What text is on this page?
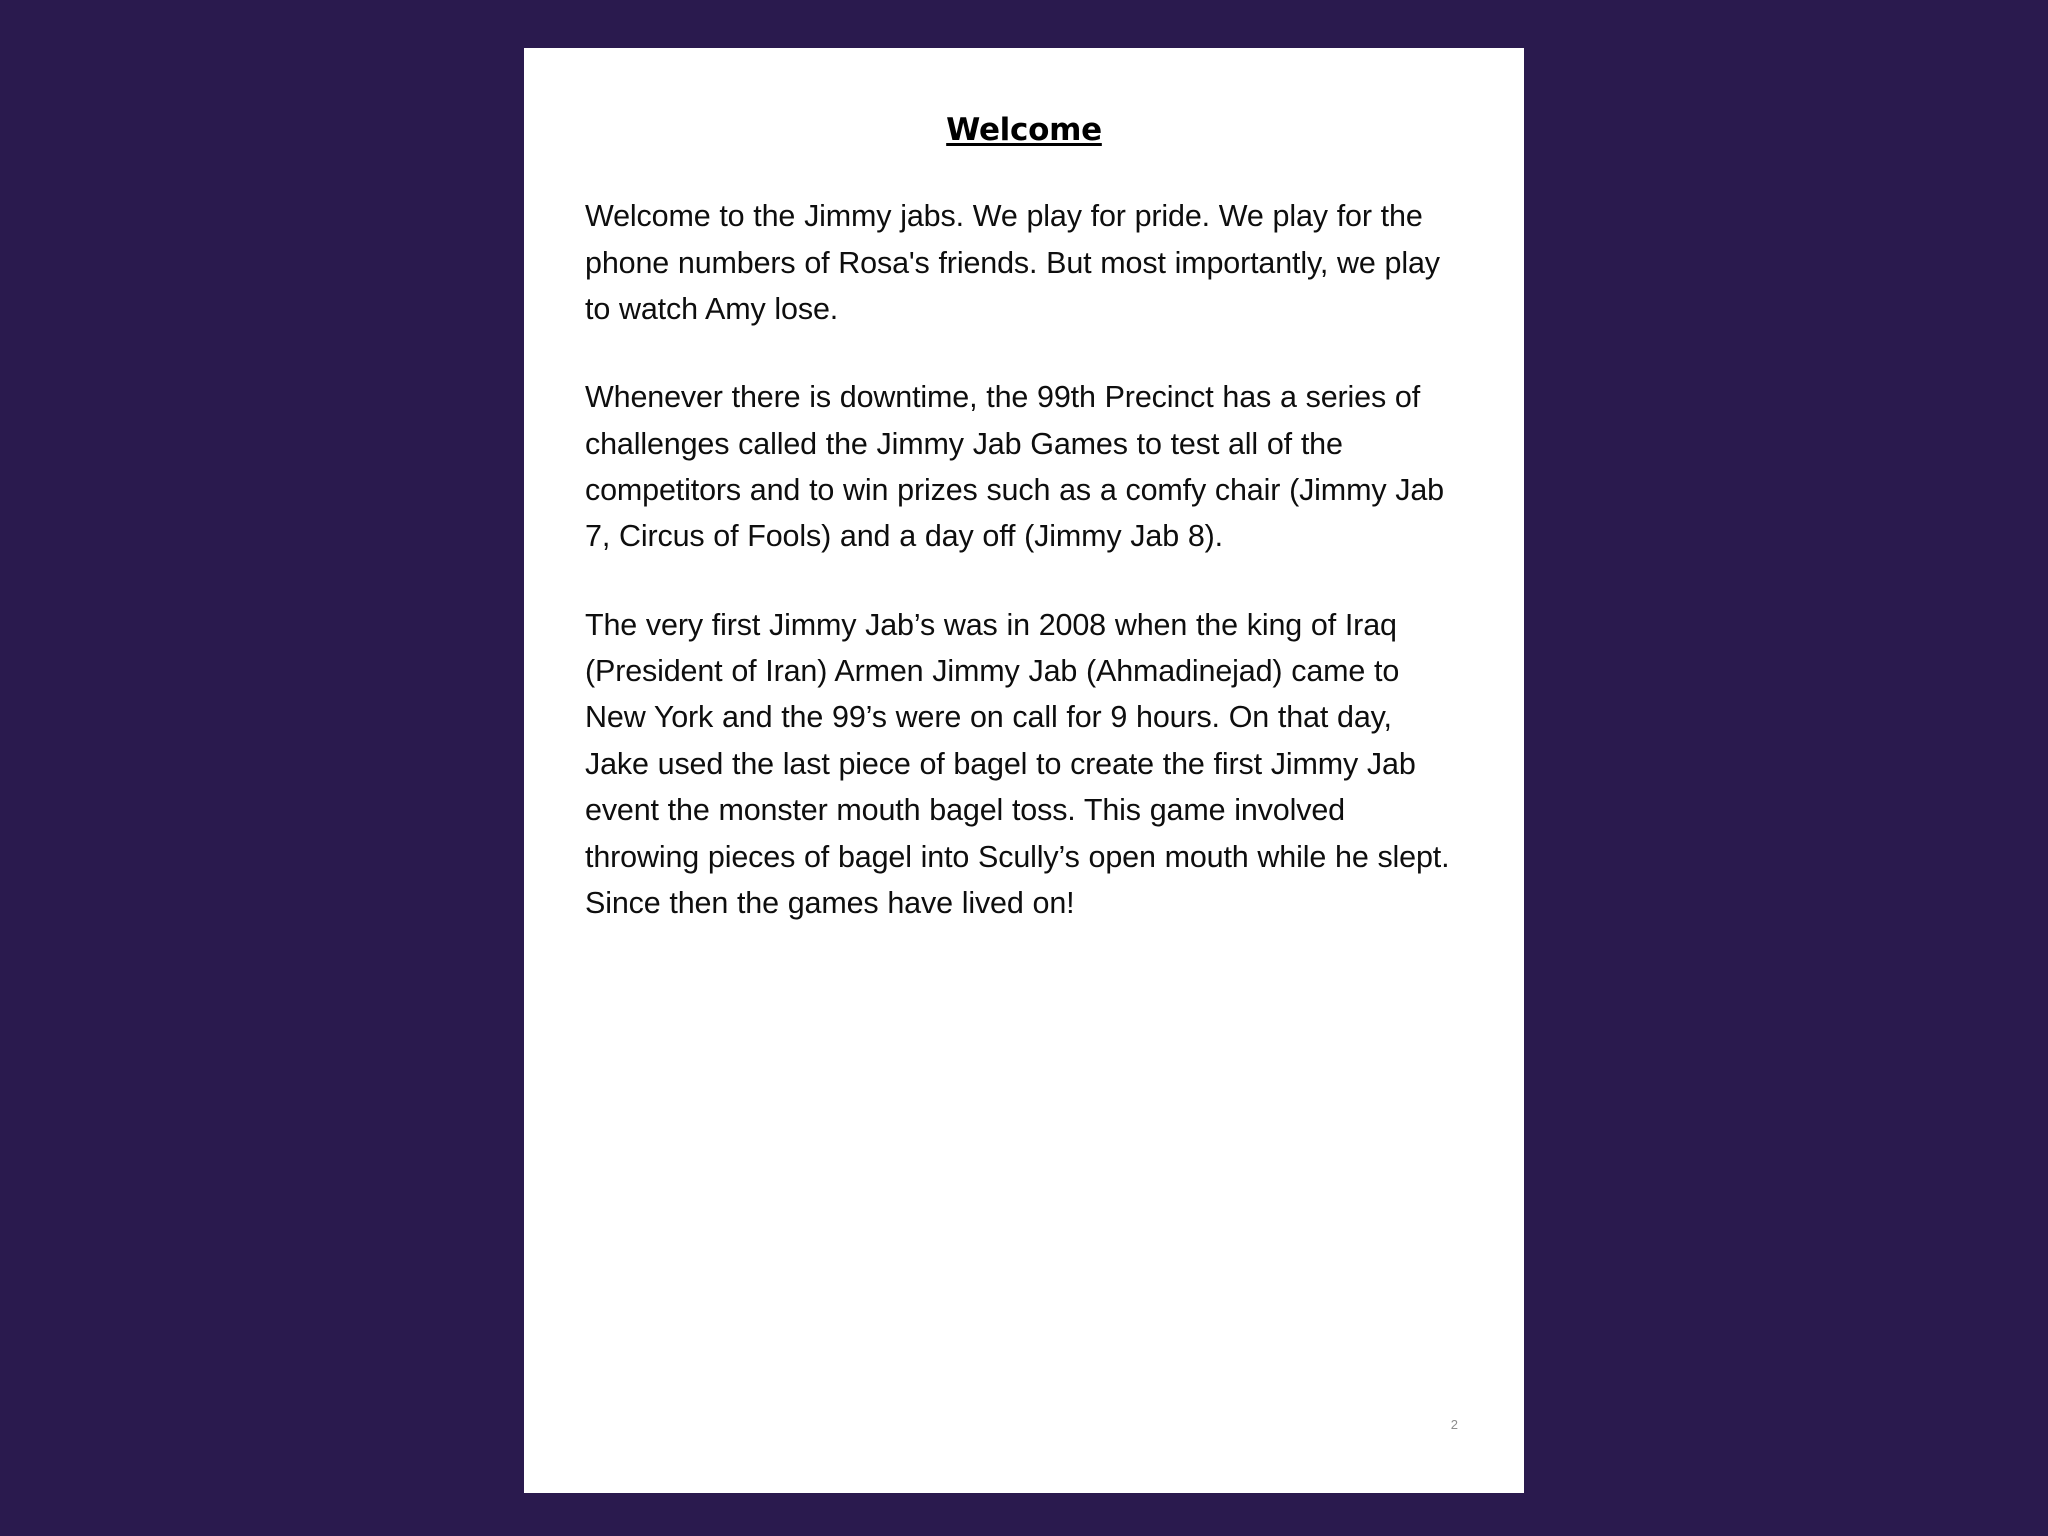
Welcome

Welcome to the Jimmy jabs. We play for pride. We play for the phone numbers of Rosa's friends. But most importantly, we play to watch Amy lose.

Whenever there is downtime, the 99th Precinct has a series of challenges called the Jimmy Jab Games to test all of the competitors and to win prizes such as a comfy chair (Jimmy Jab 7, Circus of Fools) and a day off (Jimmy Jab 8).

The very first Jimmy Jab’s was in 2008 when the king of Iraq (President of Iran) Armen Jimmy Jab (Ahmadinejad) came to New York and the 99’s were on call for 9 hours. On that day, Jake used the last piece of bagel to create the first Jimmy Jab event the monster mouth bagel toss. This game involved throwing pieces of bagel into Scully’s open mouth while he slept. Since then the games have lived on!

2
